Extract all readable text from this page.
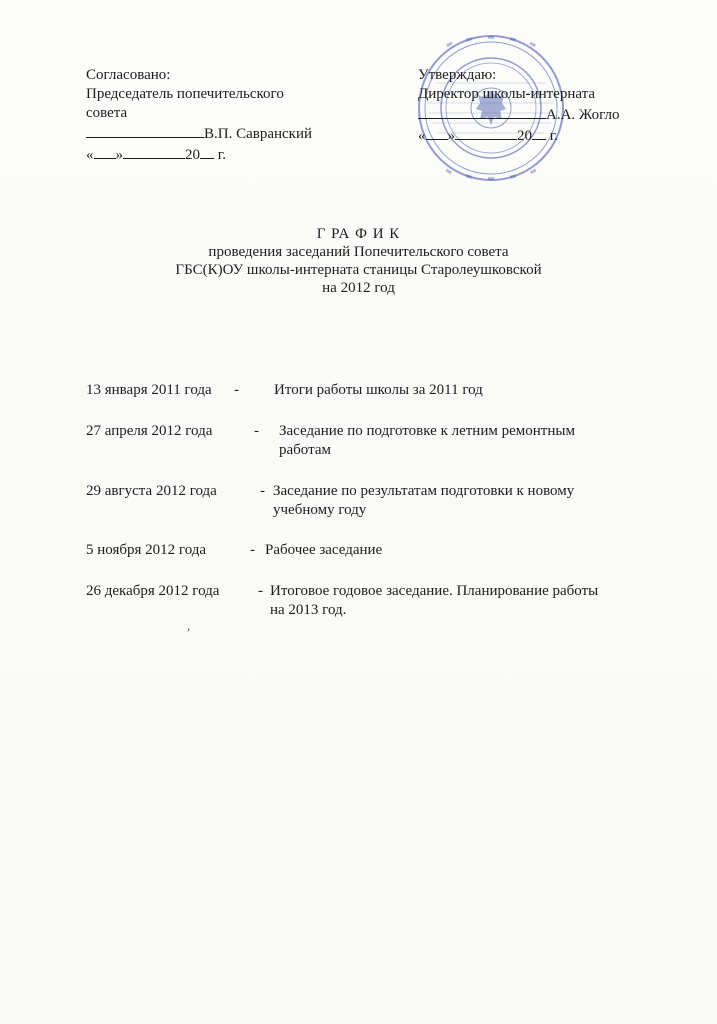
Согласовано:
Председатель попечительского
совета
В.П. Савранский
« »	20 г.
Утверждаю:
Директор школы-интерната
А.А. Жогло
« »	20 г.
Г РА Ф И К
проведения заседаний Попечительского совета
ГБС(К)ОУ школы-интерната станицы Старолеушковской
на 2012 год
13 января 2011 года - Итоги работы школы за 2011 год
27 апреля 2012 года	- Заседание по подготовке к летним ремонтным
работам
29 августа 2012 года	- Заседание по результатам подготовки к новому
учебному году
5 ноября 2012 года	- Рабочее заседание
26 декабря 2012 года	- Итоговое годовое заседание. Планирование работы
на 2013 год.
,
